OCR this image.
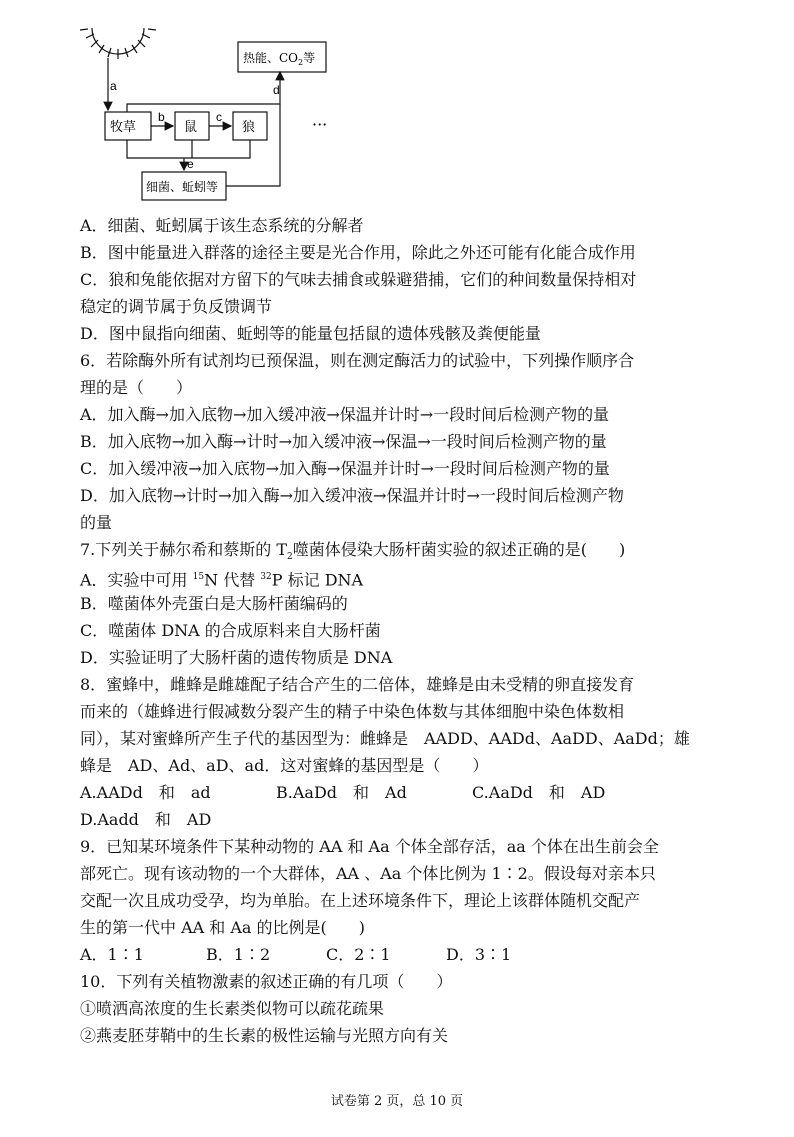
a
牧草	鼠	狼
热能、$CO_2$等
细菌、蚯蚓等
b	c
d
e
···
A．细菌、蚯蚓属于该生态系统的分解者
B．图中能量进入群落的途径主要是光合作用，除此之外还可能有化能合成作用
C．狼和兔能依据对方留下的气味去捕食或躲避猎捕，它们的种间数量保持相对
稳定的调节属于负反馈调节
D．图中鼠指向细菌、蚯蚓等的能量包括鼠的遗体残骸及粪便能量
6．若除酶外所有试剂均已预保温，则在测定酶活力的试验中，下列操作顺序合
理的是（　　）
A．加入酶→加入底物→加入缓冲液→保温并计时→一段时间后检测产物的量
B．加入底物→加入酶→计时→加入缓冲液→保温→一段时间后检测产物的量
C．加入缓冲液→加入底物→加入酶→保温并计时→一段时间后检测产物的量
D．加入底物→计时→加入酶→加入缓冲液→保温并计时→一段时间后检测产物
的量
7.下列关于赫尔希和蔡斯的 $T_2$噬菌体侵染大肠杆菌实验的叙述正确的是(　　)
A．实验中可用 $^{15}$N 代替 $^{32}$P 标记 DNA
B．噬菌体外壳蛋白是大肠杆菌编码的
C．噬菌体 DNA 的合成原料来自大肠杆菌
D．实验证明了大肠杆菌的遗传物质是 DNA
8．蜜蜂中，雌蜂是雌雄配子结合产生的二倍体，雄蜂是由未受精的卵直接发育
而来的（雄蜂进行假减数分裂产生的精子中染色体数与其体细胞中染色体数相
同），某对蜜蜂所产生子代的基因型为：雌蜂是　AADD、AADd、AaDD、AaDd；雄
蜂是　AD、Ad、aD、ad．这对蜜蜂的基因型是（　　）
A.AADd　和　ad	B.AaDd　和　Ad	C.AaDd　和　AD
D.Aadd　和　AD
9．已知某环境条件下某种动物的 AA 和 Aa 个体全部存活，aa 个体在出生前会全
部死亡。现有该动物的一个大群体，AA 、Aa 个体比例为 1∶2。假设每对亲本只
交配一次且成功受孕，均为单胎。在上述环境条件下，理论上该群体随机交配产
生的第一代中 AA 和 Aa 的比例是(　　)
A．1∶1	B．1∶2	C．2∶1	D．3∶1
10．下列有关植物激素的叙述正确的有几项（　　）
①喷洒高浓度的生长素类似物可以疏花疏果
②燕麦胚芽鞘中的生长素的极性运输与光照方向有关
试卷第 2 页，总 10 页
